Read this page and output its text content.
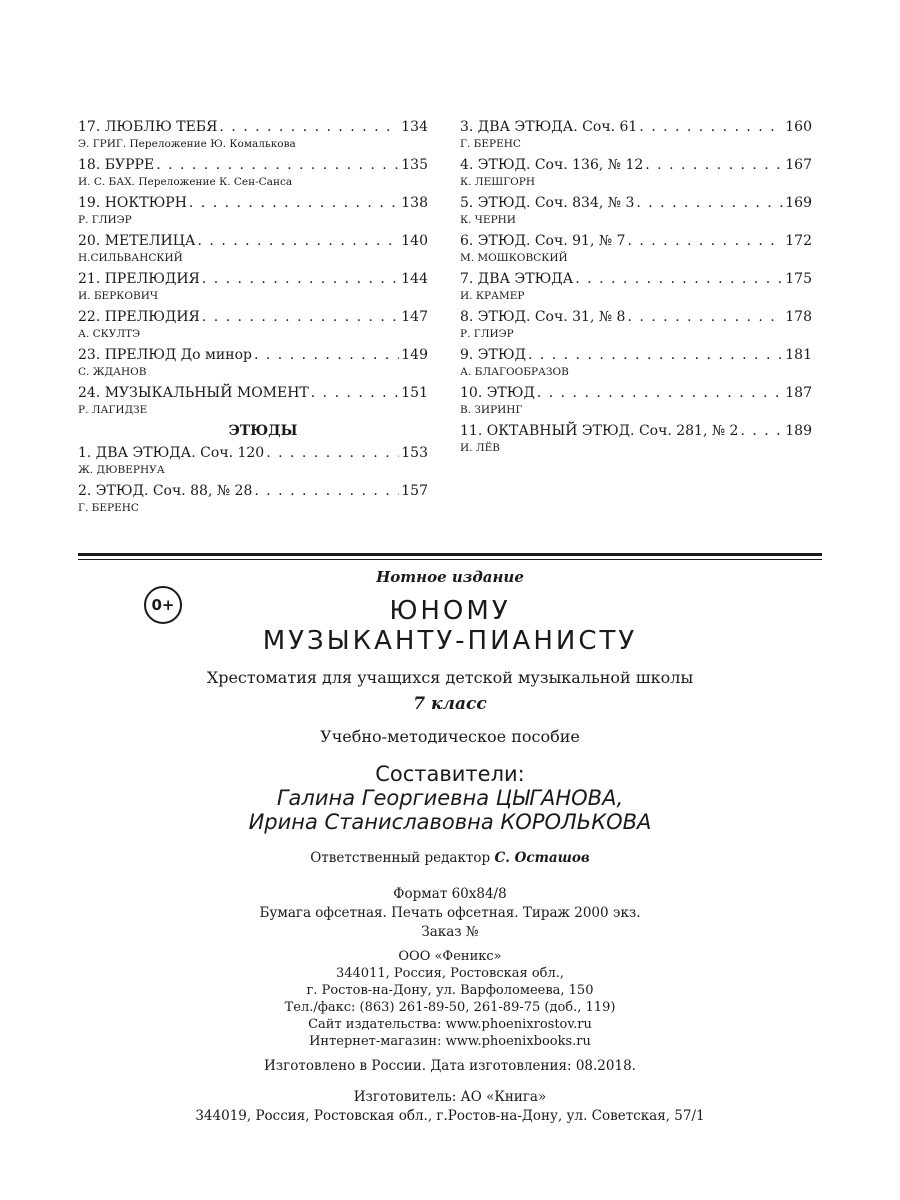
17. ЛЮБЛЮ ТЕБЯ . . .	134
Э. ГРИГ. Переложение Ю. Комалькова
18. БУРРЕ . . .	135
И. С. БАХ. Переложение К. Сен-Санса
19. НОКТЮРН . . .	138
Р. ГЛИЭР
20. МЕТЕЛИЦА . . .	140
Н.СИЛЬВАНСКИЙ
21. ПРЕЛЮДИЯ . . .	144
И. БЕРКОВИЧ
22. ПРЕЛЮДИЯ . . .	147
А. СКУЛТЭ
23. ПРЕЛЮД До минор . . .	149
С. ЖДАНОВ
24. МУЗЫКАЛЬНЫЙ МОМЕНТ . . .	151
Р. ЛАГИДЗЕ
ЭТЮДЫ
1. ДВА ЭТЮДА. Соч. 120 . . .	153
Ж. ДЮВЕРНУА
2. ЭТЮД. Соч. 88, № 28 . . .	157
Г. БЕРЕНС
3. ДВА ЭТЮДА. Соч. 61 . . .	160
Г. БЕРЕНС
4. ЭТЮД. Соч. 136, № 12 . . .	167
К. ЛЕШГОРН
5. ЭТЮД. Соч. 834, № 3 . . .	169
К. ЧЕРНИ
6. ЭТЮД. Соч. 91, № 7 . . .	172
М. МОШКОВСКИЙ
7. ДВА ЭТЮДА . . .	175
И. КРАМЕР
8. ЭТЮД. Соч. 31, № 8 . . .	178
Р. ГЛИЭР
9. ЭТЮД . . .	181
А. БЛАГООБРАЗОВ
10. ЭТЮД . . .	187
В. ЗИРИНГ
11. ОКТАВНЫЙ ЭТЮД. Соч. 281, № 2 . . .	189
И. ЛЁВ
0+
Нотное издание
ЮНОМУ
МУЗЫКАНТУ-ПИАНИСТУ
Хрестоматия для учащихся детской музыкальной школы
7 класс
Учебно-методическое пособие
Составители:
Галина Георгиевна ЦЫГАНОВА,
Ирина Станиславовна КОРОЛЬКОВА
Ответственный редактор С. Осташов
Формат 60х84/8
Бумага офсетная. Печать офсетная. Тираж 2000 экз.
Заказ №
ООО «Феникс»
344011, Россия, Ростовская обл.,
г. Ростов-на-Дону, ул. Варфоломеева, 150
Тел./факс: (863) 261-89-50, 261-89-75 (доб., 119)
Сайт издательства: www.phoenixrostov.ru
Интернет-магазин: www.phoenixbooks.ru
Изготовлено в России. Дата изготовления: 08.2018.
Изготовитель: АО «Книга»
344019, Россия, Ростовская обл., г.Ростов-на-Дону, ул. Советская, 57/1
